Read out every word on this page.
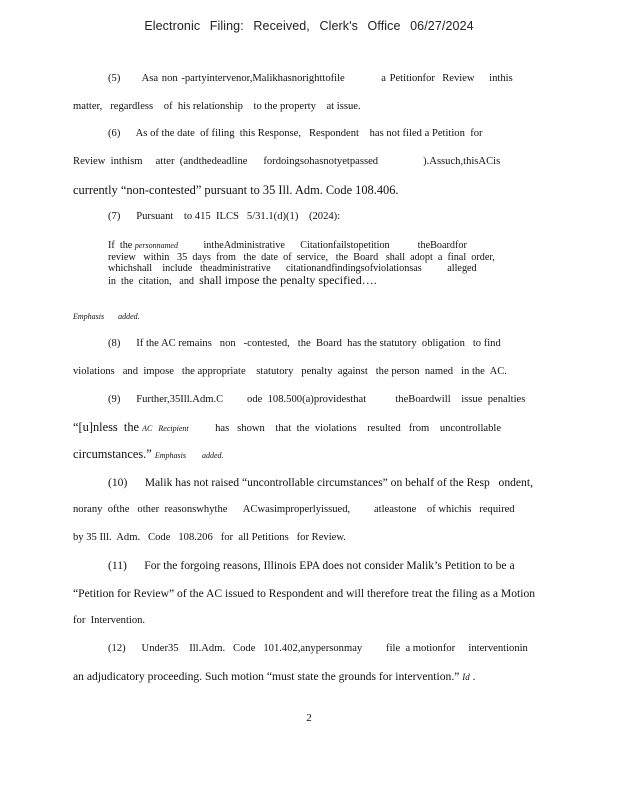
Electronic Filing: Received, Clerk's Office 06/27/2024
(5)      Asa non -partyintervenor,Malikhasnorighttofile          a Petitionfor  Review    inthis
matter,   regardless    of  his relationship    to the property    at issue.
(6)      As of the date  of filing  this Response,   Respondent    has not filed a Petition  for
Review  inthism     atter  (andthedeadline      fordoingsohasnotyetpassed                 ).Assuch,thisACis
currently “non-contested” pursuant to 35 Ill. Adm. Code 108.406.
(7)      Pursuant    to 415  ILCS   5/31.1(d)(1)    (2024):
If  the personnamed          intheAdministrative      Citationfailstopetition           theBoardfor
review   within   35  days  from   the  date  of  service,   the  Board   shall  adopt  a  final  order,
whichshall    include   theadministrative      citationandfindingsofviolationsas          alleged
in  the  citation,   and  shall impose the penalty specified….
Emphasis       added.
(8)      If the AC remains   non   -contested,   the  Board  has the statutory  obligation   to find
violations   and  impose   the appropriate    statutory   penalty  against   the person  named   in the  AC.
(9)      Further,35Ill.Adm.C         ode  108.500(a)providesthat           theBoardwill    issue  penalties
“[u]nless  the AC   Recipient          has   shown    that  the  violations    resulted   from    uncontrollable
circumstances.” Emphasis        added.
(10)      Malik has not raised “uncontrollable circumstances” on behalf of the Resp   ondent,
norany  ofthe   other  reasonswhythe      ACwasimproperlyissued,         atleastone    of whichis   required
by 35 Ill.  Adm.   Code   108.206   for  all Petitions   for Review.
(11)      For the forgoing reasons, Illinois EPA does not consider Malik’s Petition to be a
“Petition for Review” of the AC issued to Respondent and will therefore treat the filing as a Motion
for  Intervention.
(12)      Under35    Ill.Adm.   Code   101.402,anypersonmay         file  a motionfor     interventionin
an adjudicatory proceeding. Such motion “must state the grounds for intervention.” Id .
2
